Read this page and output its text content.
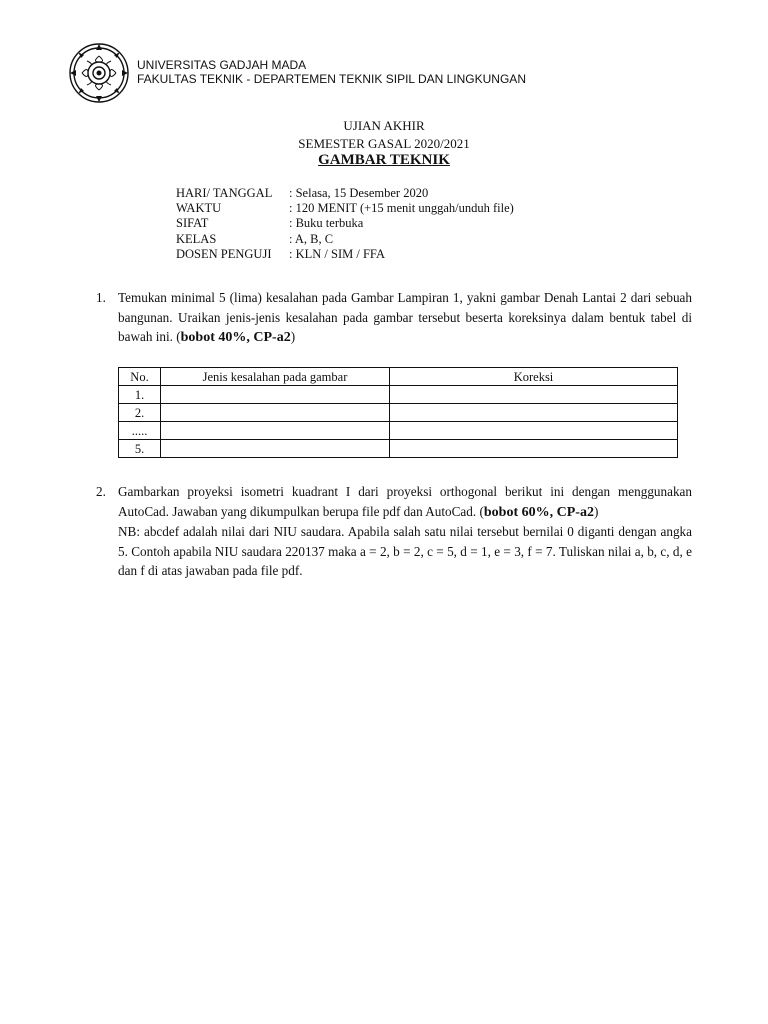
UNIVERSITAS GADJAH MADA
FAKULTAS TEKNIK - DEPARTEMEN TEKNIK SIPIL DAN LINGKUNGAN
UJIAN AKHIR
SEMESTER GASAL 2020/2021
GAMBAR TEKNIK
HARI/ TANGGAL	: Selasa, 15 Desember 2020
WAKTU	: 120 MENIT (+15 menit unggah/unduh file)
SIFAT	: Buku terbuka
KELAS	: A, B, C
DOSEN PENGUJI	: KLN / SIM / FFA
1. Temukan minimal 5 (lima) kesalahan pada Gambar Lampiran 1, yakni gambar Denah Lantai 2 dari sebuah bangunan. Uraikan jenis-jenis kesalahan pada gambar tersebut beserta koreksinya dalam bentuk tabel di bawah ini. (bobot 40%, CP-a2)
No.	Jenis kesalahan pada gambar	Koreksi
1.		
2.		
.....		
5.		
2. Gambarkan proyeksi isometri kuadrant I dari proyeksi orthogonal berikut ini dengan menggunakan AutoCad. Jawaban yang dikumpulkan berupa file pdf dan AutoCad. (bobot 60%, CP-a2)
NB: abcdef adalah nilai dari NIU saudara. Apabila salah satu nilai tersebut bernilai 0 diganti dengan angka 5. Contoh apabila NIU saudara 220137 maka a = 2, b = 2, c = 5, d = 1, e = 3, f = 7. Tuliskan nilai a, b, c, d, e dan f di atas jawaban pada file pdf.
